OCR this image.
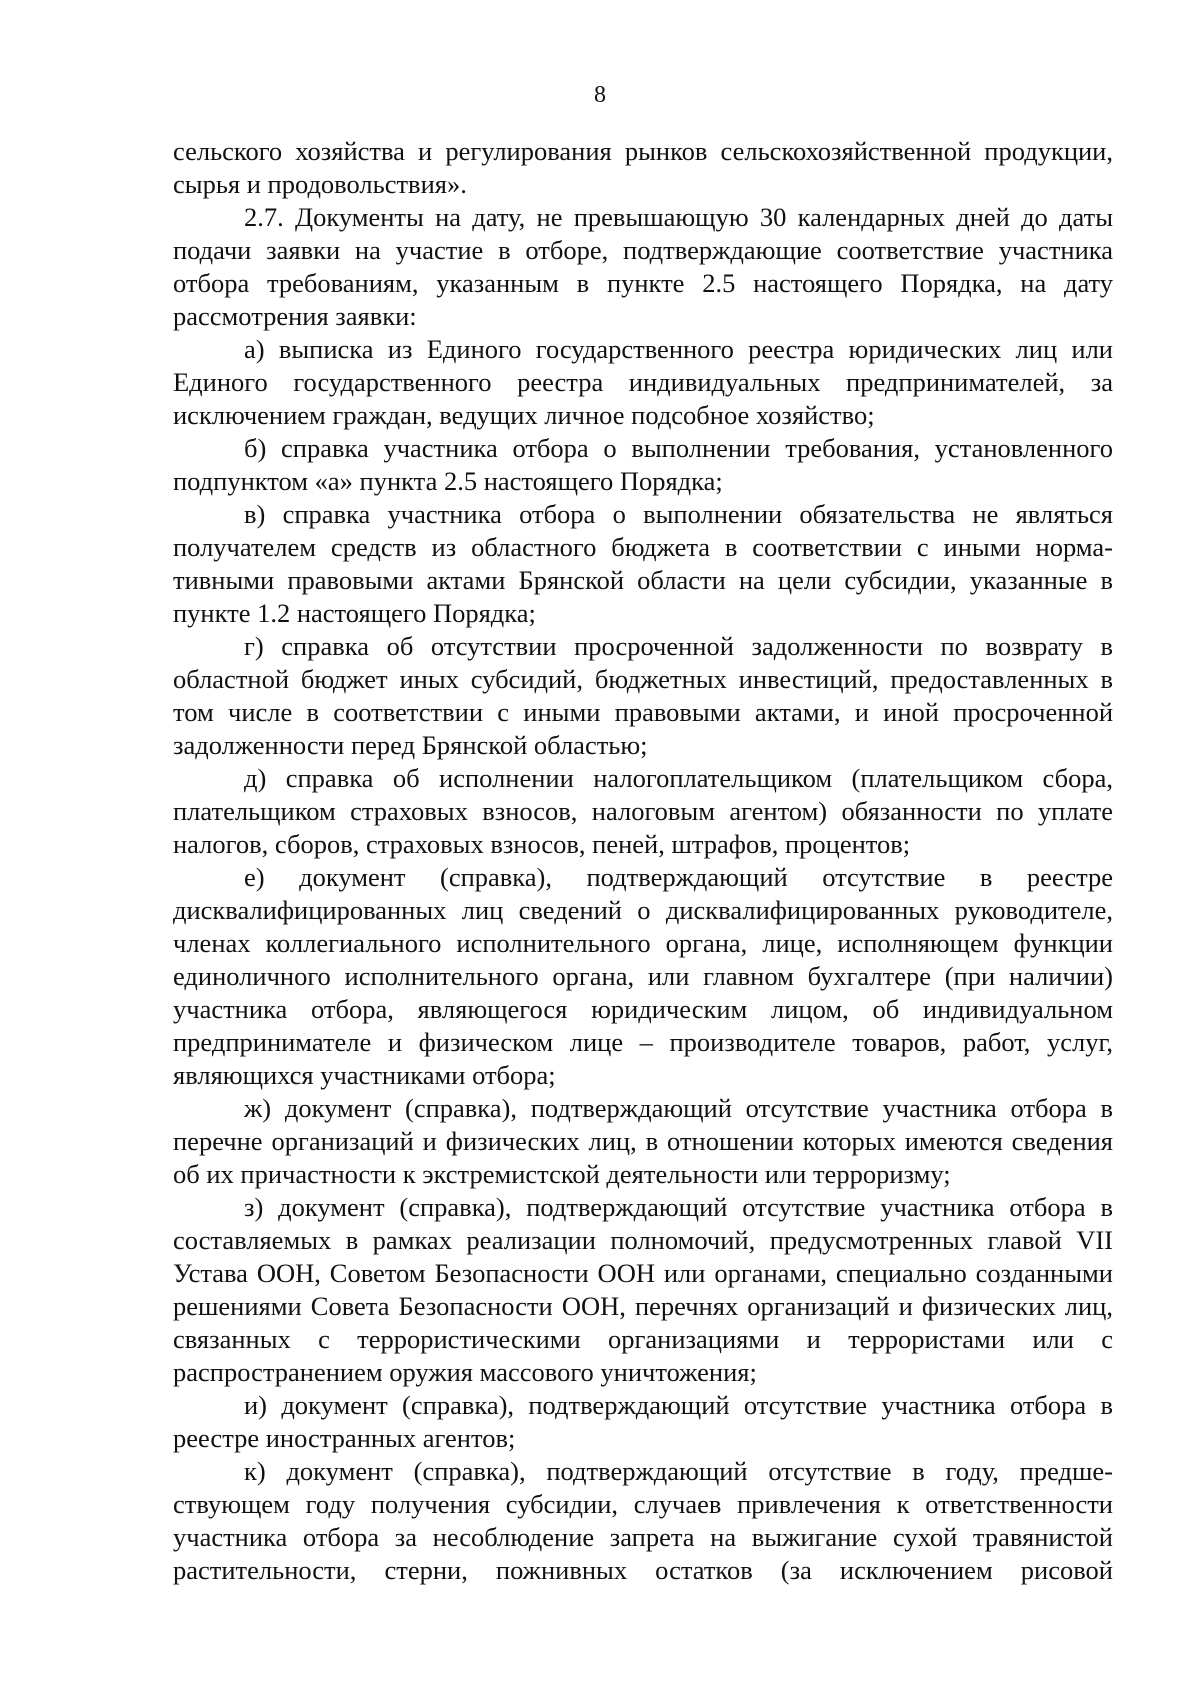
8

сельского хозяйства и регулирования рынков сельскохозяйственной продукции, сырья и продовольствия».

2.7. Документы на дату, не превышающую 30 календарных дней до даты подачи заявки на участие в отборе, подтверждающие соответствие участника отбора требованиям, указанным в пункте 2.5 настоящего Порядка, на дату рассмотрения заявки:

а) выписка из Единого государственного реестра юридических лиц или Единого государственного реестра индивидуальных предпринимателей, за исключением граждан, ведущих личное подсобное хозяйство;

б) справка участника отбора о выполнении требования, установленного подпунктом «а» пункта 2.5 настоящего Порядка;

в) справка участника отбора о выполнении обязательства не являться получателем средств из областного бюджета в соответствии с иными нормативными правовыми актами Брянской области на цели субсидии, указанные в пункте 1.2 настоящего Порядка;

г) справка об отсутствии просроченной задолженности по возврату в областной бюджет иных субсидий, бюджетных инвестиций, предоставленных в том числе в соответствии с иными правовыми актами, и иной просроченной задолженности перед Брянской областью;

д) справка об исполнении налогоплательщиком (плательщиком сбора, плательщиком страховых взносов, налоговым агентом) обязанности по уплате налогов, сборов, страховых взносов, пеней, штрафов, процентов;

е) документ (справка), подтверждающий отсутствие в реестре дисквалифицированных лиц сведений о дисквалифицированных руководителе, членах коллегиального исполнительного органа, лице, исполняющем функции единоличного исполнительного органа, или главном бухгалтере (при наличии) участника отбора, являющегося юридическим лицом, об индивидуальном предпринимателе и физическом лице – производителе товаров, работ, услуг, являющихся участниками отбора;

ж) документ (справка), подтверждающий отсутствие участника отбора в перечне организаций и физических лиц, в отношении которых имеются сведения об их причастности к экстремистской деятельности или терроризму;

з) документ (справка), подтверждающий отсутствие участника отбора в составляемых в рамках реализации полномочий, предусмотренных главой VII Устава ООН, Советом Безопасности ООН или органами, специально созданными решениями Совета Безопасности ООН, перечнях организаций и физических лиц, связанных с террористическими организациями и террористами или с распространением оружия массового уничтожения;

и) документ (справка), подтверждающий отсутствие участника отбора в реестре иностранных агентов;

к) документ (справка), подтверждающий отсутствие в году, предшествующем году получения субсидии, случаев привлечения к ответственности участника отбора за несоблюдение запрета на выжигание сухой травянистой растительности, стерни, пожнивных остатков (за исключением рисовой
